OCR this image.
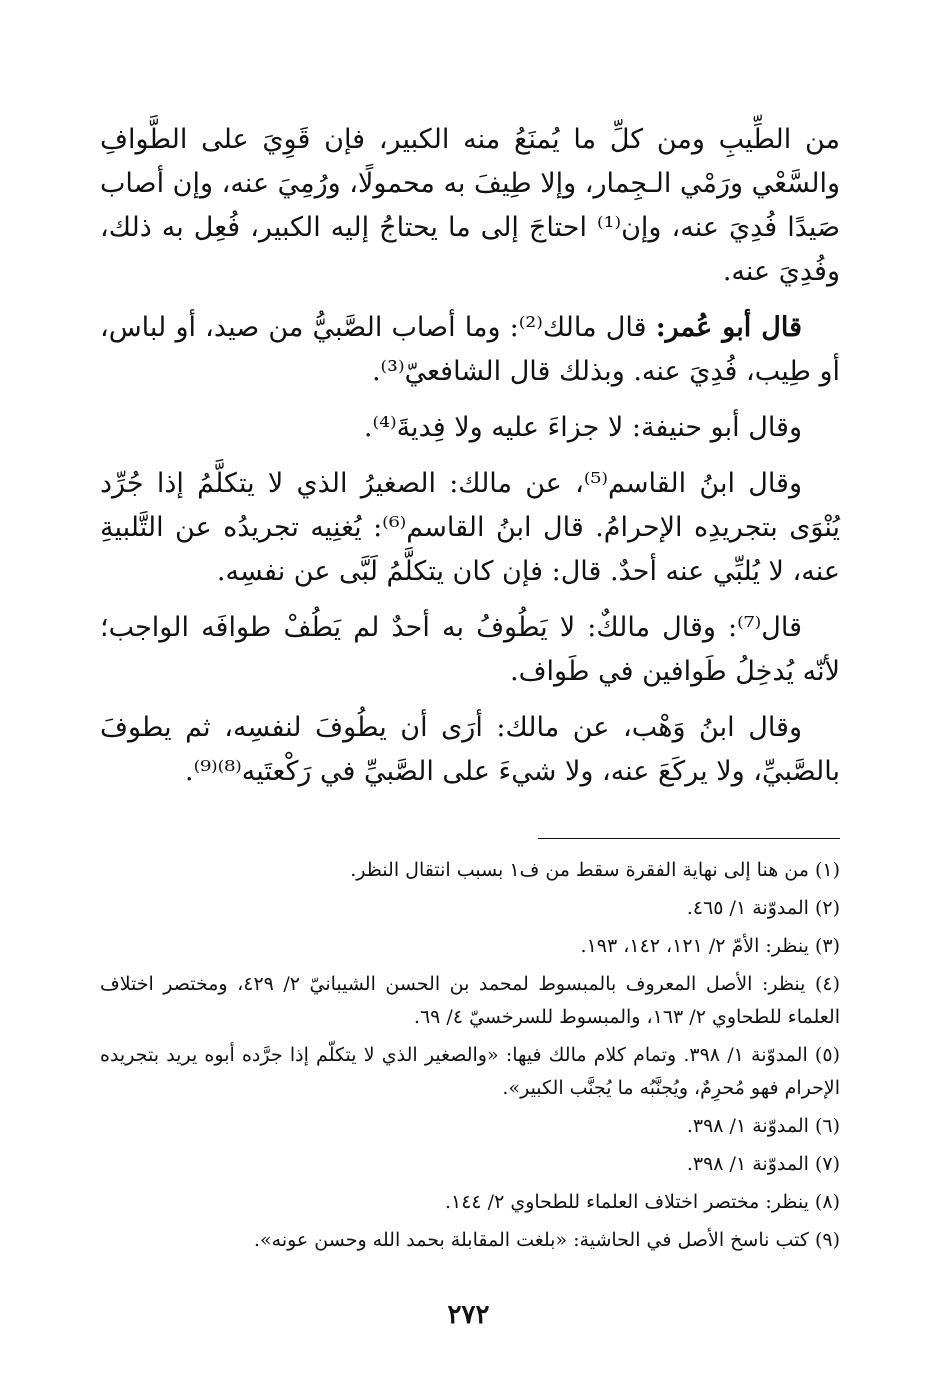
من الطِّيبِ ومن كلِّ ما يُمنَعُ منه الكبير، فإن قَوِيَ على الطَّوافِ والسَّعْي ورَمْي الـجِمار، وإلا طِيفَ به محمولًا، ورُمِيَ عنه، وإن أصاب صَيدًا فُدِيَ عنه، وإن⁽¹⁾ احتاجَ إلى ما يحتاجُ إليه الكبير، فُعِل به ذلك، وفُدِيَ عنه.

قال أبو عُمر: قال مالك⁽²⁾: وما أصاب الصَّبيُّ من صيد، أو لباس، أو طِيب، فُدِيَ عنه. وبذلك قال الشافعيّ⁽³⁾.

وقال أبو حنيفة: لا جزاءَ عليه ولا فِديةَ⁽⁴⁾.

وقال ابنُ القاسم⁽⁵⁾، عن مالك: الصغيرُ الذي لا يتكلَّمُ إذا جُرِّد يُنْوَى بتجريدِه الإحرامُ. قال ابنُ القاسم⁽⁶⁾: يُغنِيه تجريدُه عن التَّلبيةِ عنه، لا يُلبِّي عنه أحدٌ. قال: فإن كان يتكلَّمُ لَبَّى عن نفسِه.

قال⁽⁷⁾: وقال مالكٌ: لا يَطُوفُ به أحدٌ لم يَطُفْ طوافَه الواجب؛ لأنّه يُدخِلُ طَوافين في طَواف.

وقال ابنُ وَهْب، عن مالك: أرَى أن يطُوفَ لنفسِه، ثم يطوفَ بالصَّبيِّ، ولا يركَعَ عنه، ولا شيءَ على الصَّبيِّ في رَكْعتَيه⁽⁸⁾⁽⁹⁾.

(١) من هنا إلى نهاية الفقرة سقط من ف١ بسبب انتقال النظر.

(٢) المدوّنة ١/ ٤٦٥.

(٣) ينظر: الأمّ ٢/ ١٢١، ١٤٢، ١٩٣.

(٤) ينظر: الأصل المعروف بالمبسوط لمحمد بن الحسن الشيبانيّ ٢/ ٤٢٩، ومختصر اختلاف العلماء للطحاوي ٢/ ١٦٣، والمبسوط للسرخسيّ ٤/ ٦٩.

(٥) المدوّنة ١/ ٣٩٨. وتمام كلام مالك فيها: «والصغير الذي لا يتكلّم إذا جرَّده أبوه يريد بتجريده الإحرام فهو مُحرِمٌ، ويُجنَّبُه ما يُجنَّب الكبير».

(٦) المدوّنة ١/ ٣٩٨.

(٧) المدوّنة ١/ ٣٩٨.

(٨) ينظر: مختصر اختلاف العلماء للطحاوي ٢/ ١٤٤.

(٩) كتب ناسخ الأصل في الحاشية: «بلغت المقابلة بحمد الله وحسن عونه».

٢٧٢
